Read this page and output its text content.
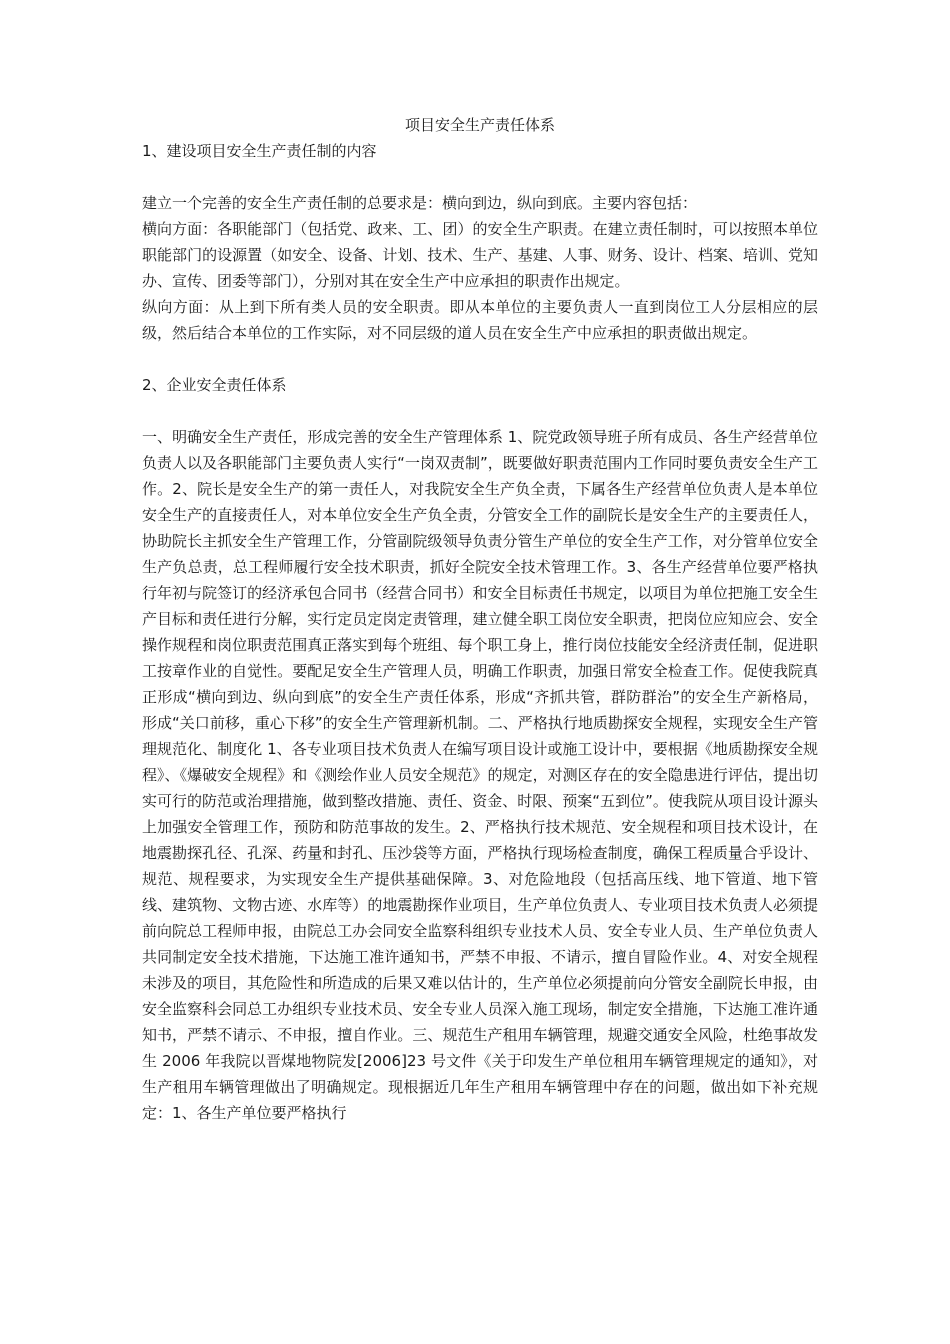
项目安全生产责任体系

1、建设项目安全生产责任制的内容

建立一个完善的安全生产责任制的总要求是：横向到边，纵向到底。主要内容包括：

横向方面：各职能部门（包括党、政来、工、团）的安全生产职责。在建立责任制时，可以按照本单位职能部门的设源置（如安全、设备、计划、技术、生产、基建、人事、财务、设计、档案、培训、党知办、宣传、团委等部门），分别对其在安全生产中应承担的职责作出规定。

纵向方面：从上到下所有类人员的安全职责。即从本单位的主要负责人一直到岗位工人分层相应的层级，然后结合本单位的工作实际，对不同层级的道人员在安全生产中应承担的职责做出规定。

2、企业安全责任体系

一、明确安全生产责任，形成完善的安全生产管理体系 1、院党政领导班子所有成员、各生产经营单位负责人以及各职能部门主要负责人实行“一岗双责制”，既要做好职责范围内工作同时要负责安全生产工作。2、院长是安全生产的第一责任人，对我院安全生产负全责，下属各生产经营单位负责人是本单位安全生产的直接责任人，对本单位安全生产负全责，分管安全工作的副院长是安全生产的主要责任人，协助院长主抓安全生产管理工作，分管副院级领导负责分管生产单位的安全生产工作，对分管单位安全生产负总责，总工程师履行安全技术职责，抓好全院安全技术管理工作。3、各生产经营单位要严格执行年初与院签订的经济承包合同书（经营合同书）和安全目标责任书规定，以项目为单位把施工安全生产目标和责任进行分解，实行定员定岗定责管理，建立健全职工岗位安全职责，把岗位应知应会、安全操作规程和岗位职责范围真正落实到每个班组、每个职工身上，推行岗位技能安全经济责任制，促进职工按章作业的自觉性。要配足安全生产管理人员，明确工作职责，加强日常安全检查工作。促使我院真正形成“横向到边、纵向到底”的安全生产责任体系，形成“齐抓共管，群防群治”的安全生产新格局，形成“关口前移，重心下移”的安全生产管理新机制。二、严格执行地质勘探安全规程，实现安全生产管理规范化、制度化 1、各专业项目技术负责人在编写项目设计或施工设计中，要根据《地质勘探安全规程》、《爆破安全规程》和《测绘作业人员安全规范》的规定，对测区存在的安全隐患进行评估，提出切实可行的防范或治理措施，做到整改措施、责任、资金、时限、预案“五到位”。使我院从项目设计源头上加强安全管理工作，预防和防范事故的发生。2、严格执行技术规范、安全规程和项目技术设计，在地震勘探孔径、孔深、药量和封孔、压沙袋等方面，严格执行现场检查制度，确保工程质量合乎设计、规范、规程要求，为实现安全生产提供基础保障。3、对危险地段（包括高压线、地下管道、地下管线、建筑物、文物古迹、水库等）的地震勘探作业项目，生产单位负责人、专业项目技术负责人必须提前向院总工程师申报，由院总工办会同安全监察科组织专业技术人员、安全专业人员、生产单位负责人共同制定安全技术措施，下达施工准许通知书，严禁不申报、不请示，擅自冒险作业。4、对安全规程未涉及的项目，其危险性和所造成的后果又难以估计的，生产单位必须提前向分管安全副院长申报，由安全监察科会同总工办组织专业技术员、安全专业人员深入施工现场，制定安全措施，下达施工准许通知书，严禁不请示、不申报，擅自作业。三、规范生产租用车辆管理，规避交通安全风险，杜绝事故发生 2006 年我院以晋煤地物院发[2006]23 号文件《关于印发生产单位租用车辆管理规定的通知》，对生产租用车辆管理做出了明确规定。现根据近几年生产租用车辆管理中存在的问题，做出如下补充规定：1、各生产单位要严格执行
